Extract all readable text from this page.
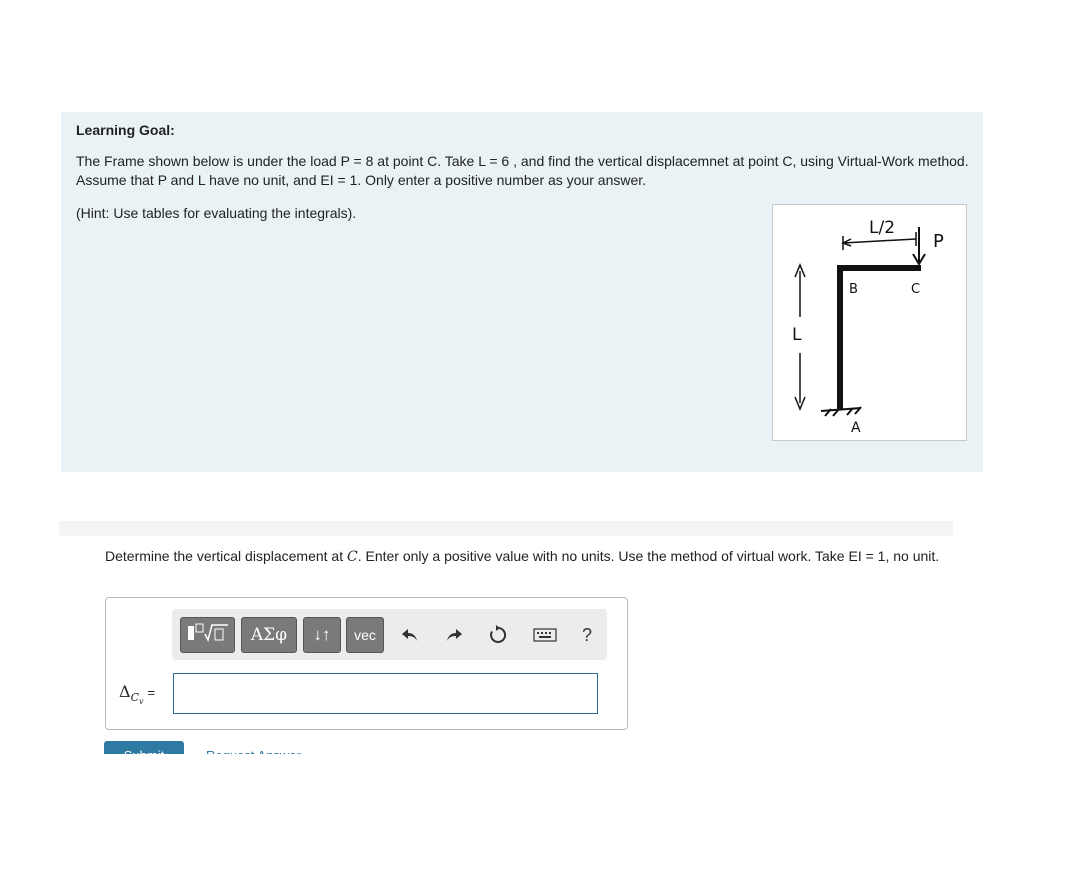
Learning Goal:
The Frame shown below is under the load P = 8 at point C. Take L = 6 , and find the vertical displacemnet at point C, using Virtual-Work method. Assume that P and L have no unit, and EI = 1. Only enter a positive number as your answer.
(Hint: Use tables for evaluating the integrals).
L/2
P
B	C
A
L
Determine the vertical displacement at C. Enter only a positive value with no units. Use the method of virtual work. Take EI = 1, no unit.
ΑΣφ	↓↑	vec	?
$\Delta_{C_v}=$
